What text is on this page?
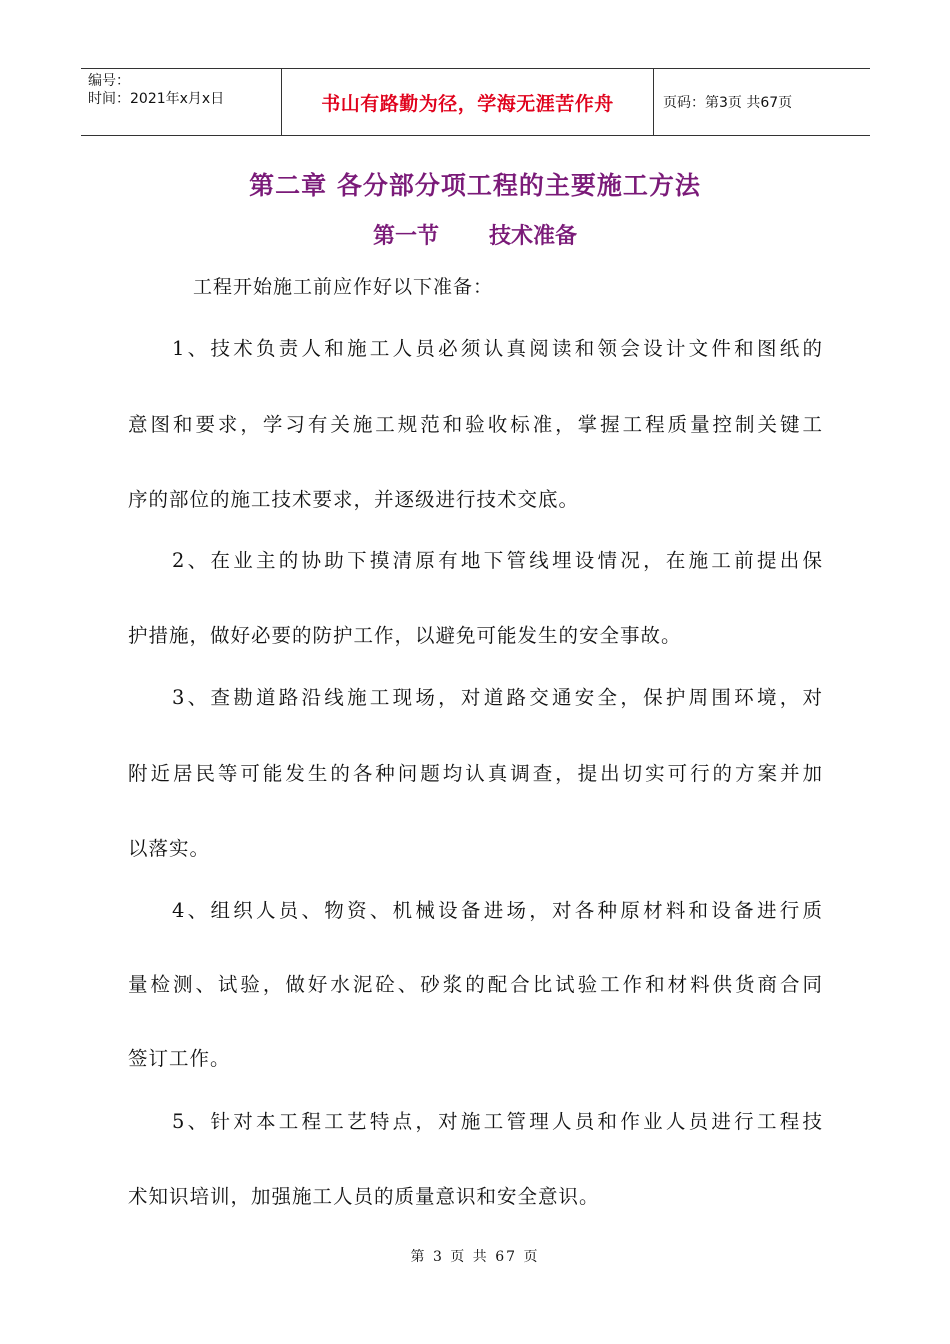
编号：
时间：2021年x月x日	书山有路勤为径，学海无涯苦作舟	页码：第3页 共67页
第二章 各分部分项工程的主要施工方法
第一节 技术准备
工程开始施工前应作好以下准备：
1、技术负责人和施工人员必须认真阅读和领会设计文件和图纸的
意图和要求，学习有关施工规范和验收标准，掌握工程质量控制关键工
序的部位的施工技术要求，并逐级进行技术交底。
2、在业主的协助下摸清原有地下管线埋设情况，在施工前提出保
护措施，做好必要的防护工作，以避免可能发生的安全事故。
3、查勘道路沿线施工现场，对道路交通安全，保护周围环境，对
附近居民等可能发生的各种问题均认真调查，提出切实可行的方案并加
以落实。
4、组织人员、物资、机械设备进场，对各种原材料和设备进行质
量检测、试验，做好水泥砼、砂浆的配合比试验工作和材料供货商合同
签订工作。
5、针对本工程工艺特点，对施工管理人员和作业人员进行工程技
术知识培训，加强施工人员的质量意识和安全意识。
第 3 页 共 67 页
